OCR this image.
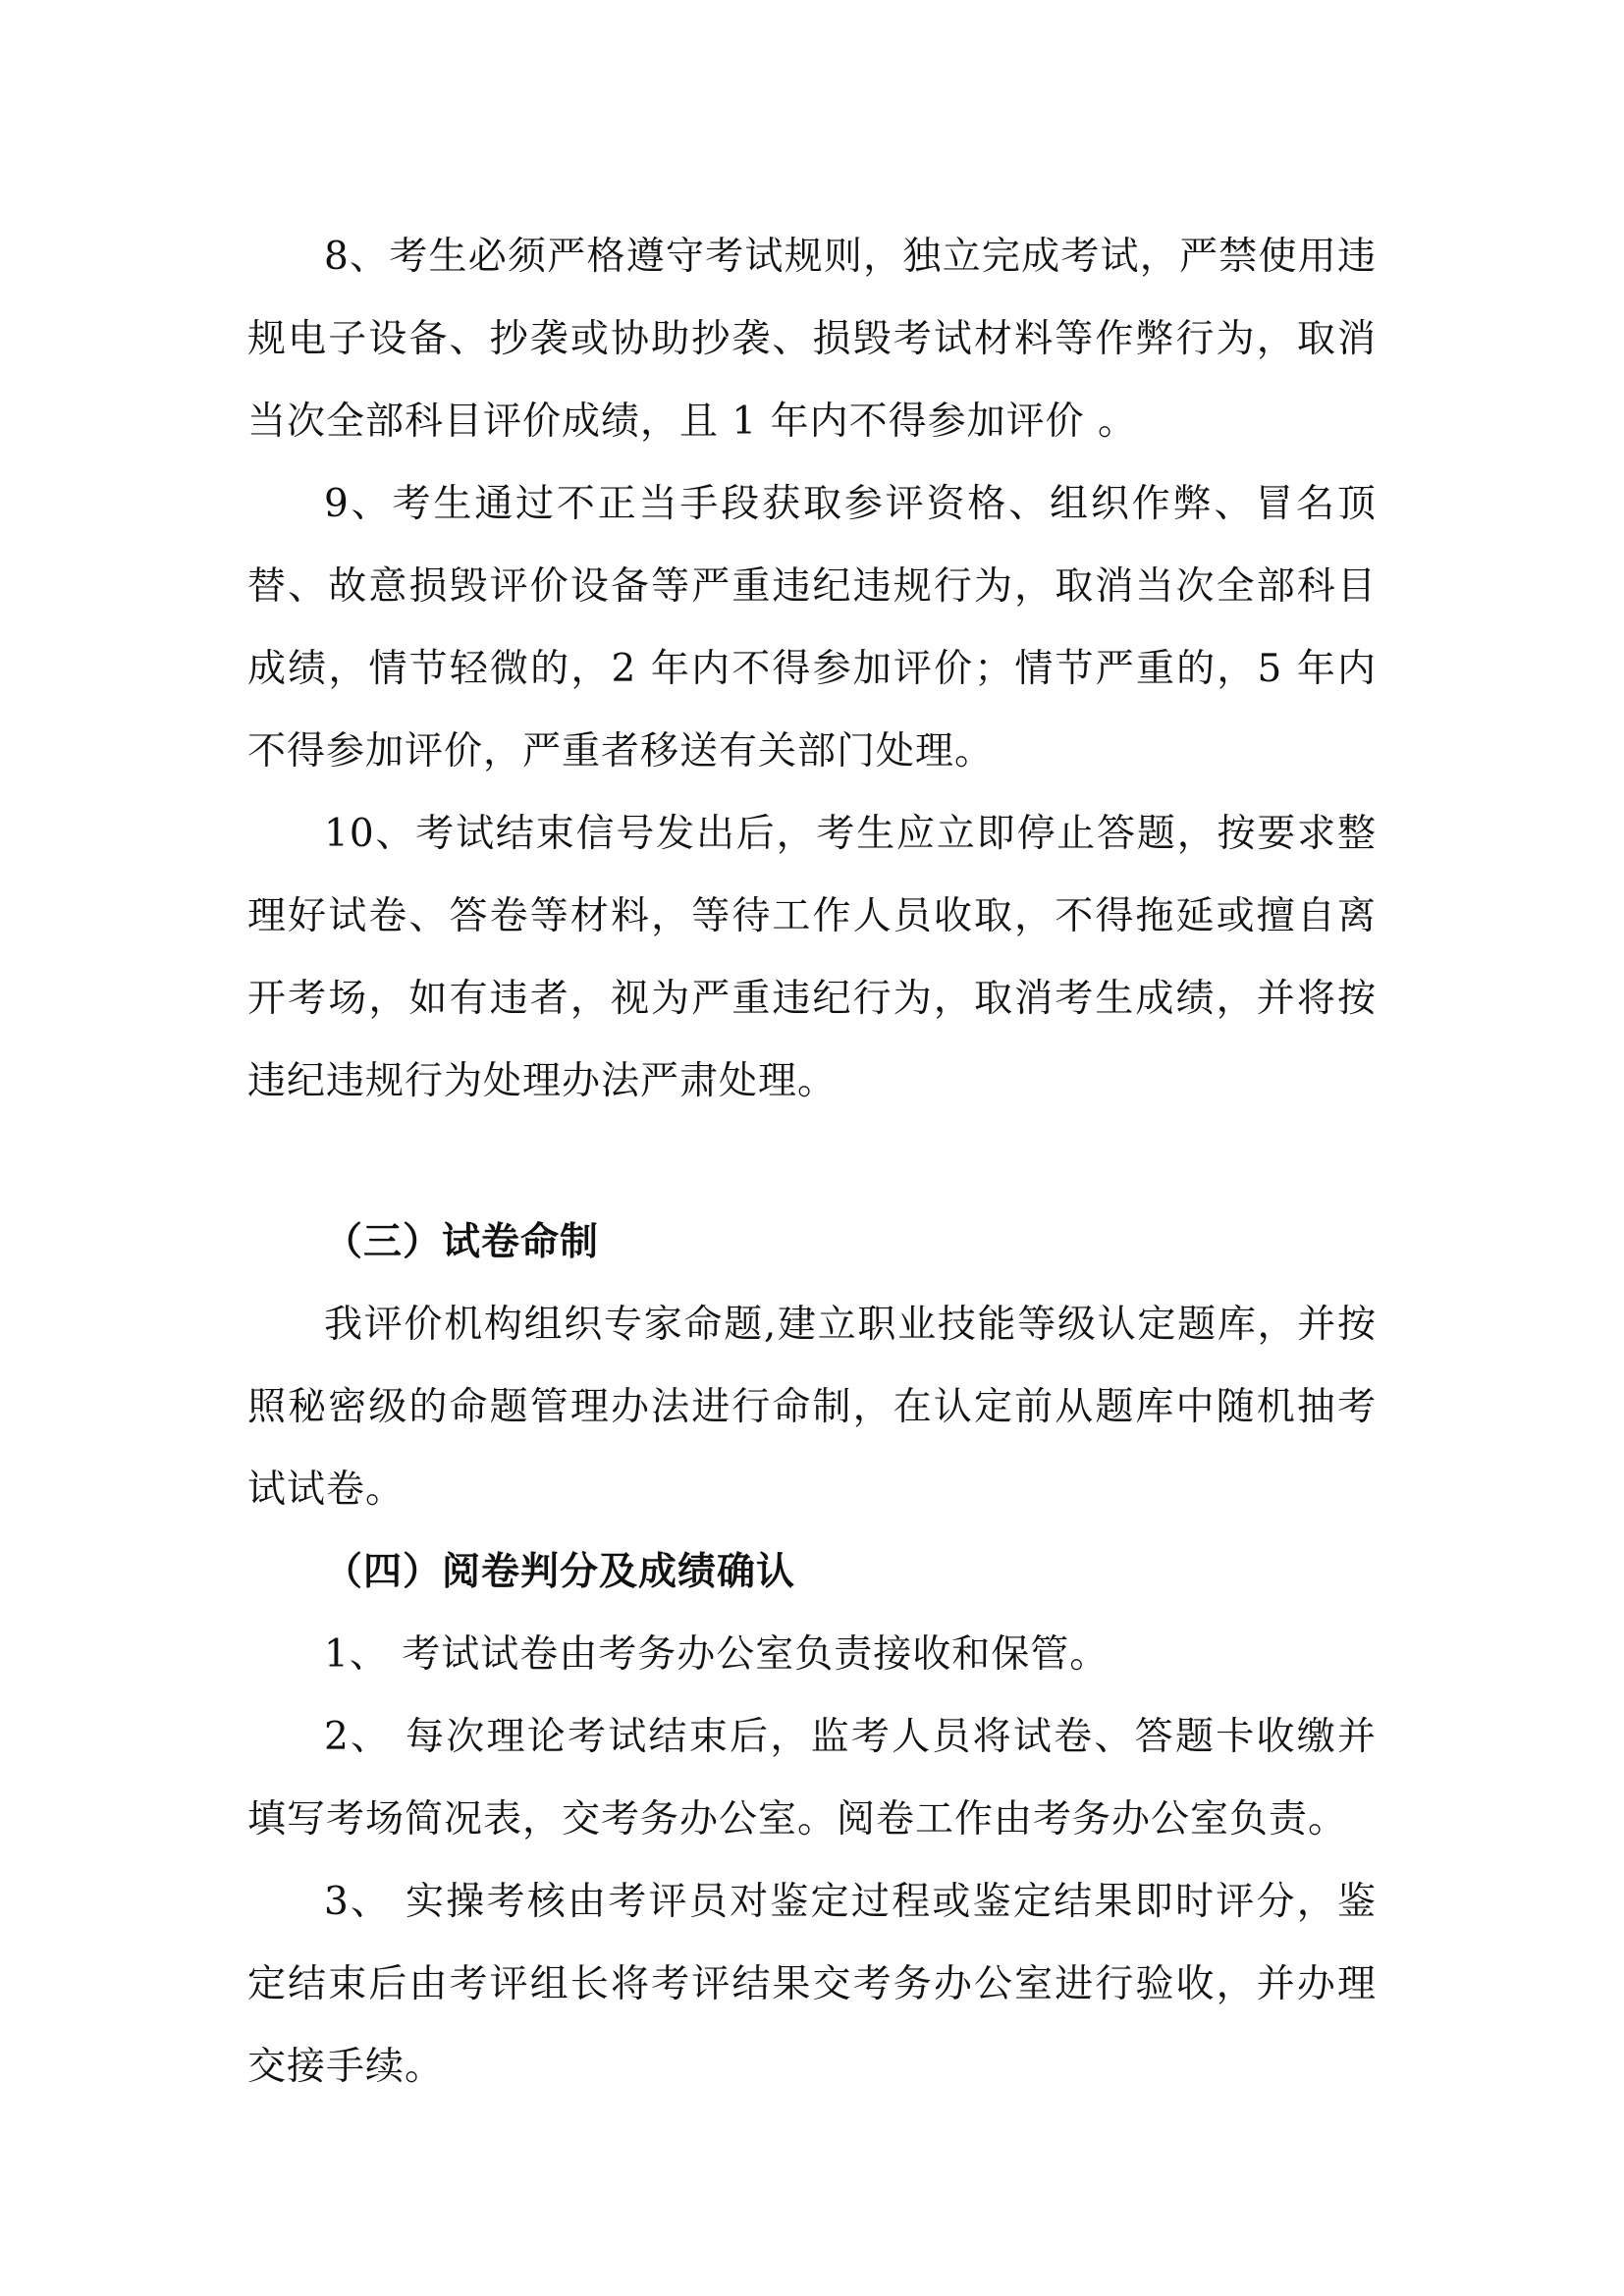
8、考生必须严格遵守考试规则，独立完成考试，严禁使用违规电子设备、抄袭或协助抄袭、损毁考试材料等作弊行为，取消当次全部科目评价成绩，且 1 年内不得参加评价 。

9、考生通过不正当手段获取参评资格、组织作弊、冒名顶替、故意损毁评价设备等严重违纪违规行为，取消当次全部科目成绩，情节轻微的，2 年内不得参加评价；情节严重的，5 年内不得参加评价，严重者移送有关部门处理。

10、考试结束信号发出后，考生应立即停止答题，按要求整理好试卷、答卷等材料，等待工作人员收取，不得拖延或擅自离开考场，如有违者，视为严重违纪行为，取消考生成绩，并将按违纪违规行为处理办法严肃处理。

（三）试卷命制

我评价机构组织专家命题,建立职业技能等级认定题库，并按照秘密级的命题管理办法进行命制，在认定前从题库中随机抽考试试卷。

（四）阅卷判分及成绩确认

1、 考试试卷由考务办公室负责接收和保管。

2、 每次理论考试结束后，监考人员将试卷、答题卡收缴并填写考场简况表，交考务办公室。阅卷工作由考务办公室负责。

3、 实操考核由考评员对鉴定过程或鉴定结果即时评分，鉴定结束后由考评组长将考评结果交考务办公室进行验收，并办理交接手续。
